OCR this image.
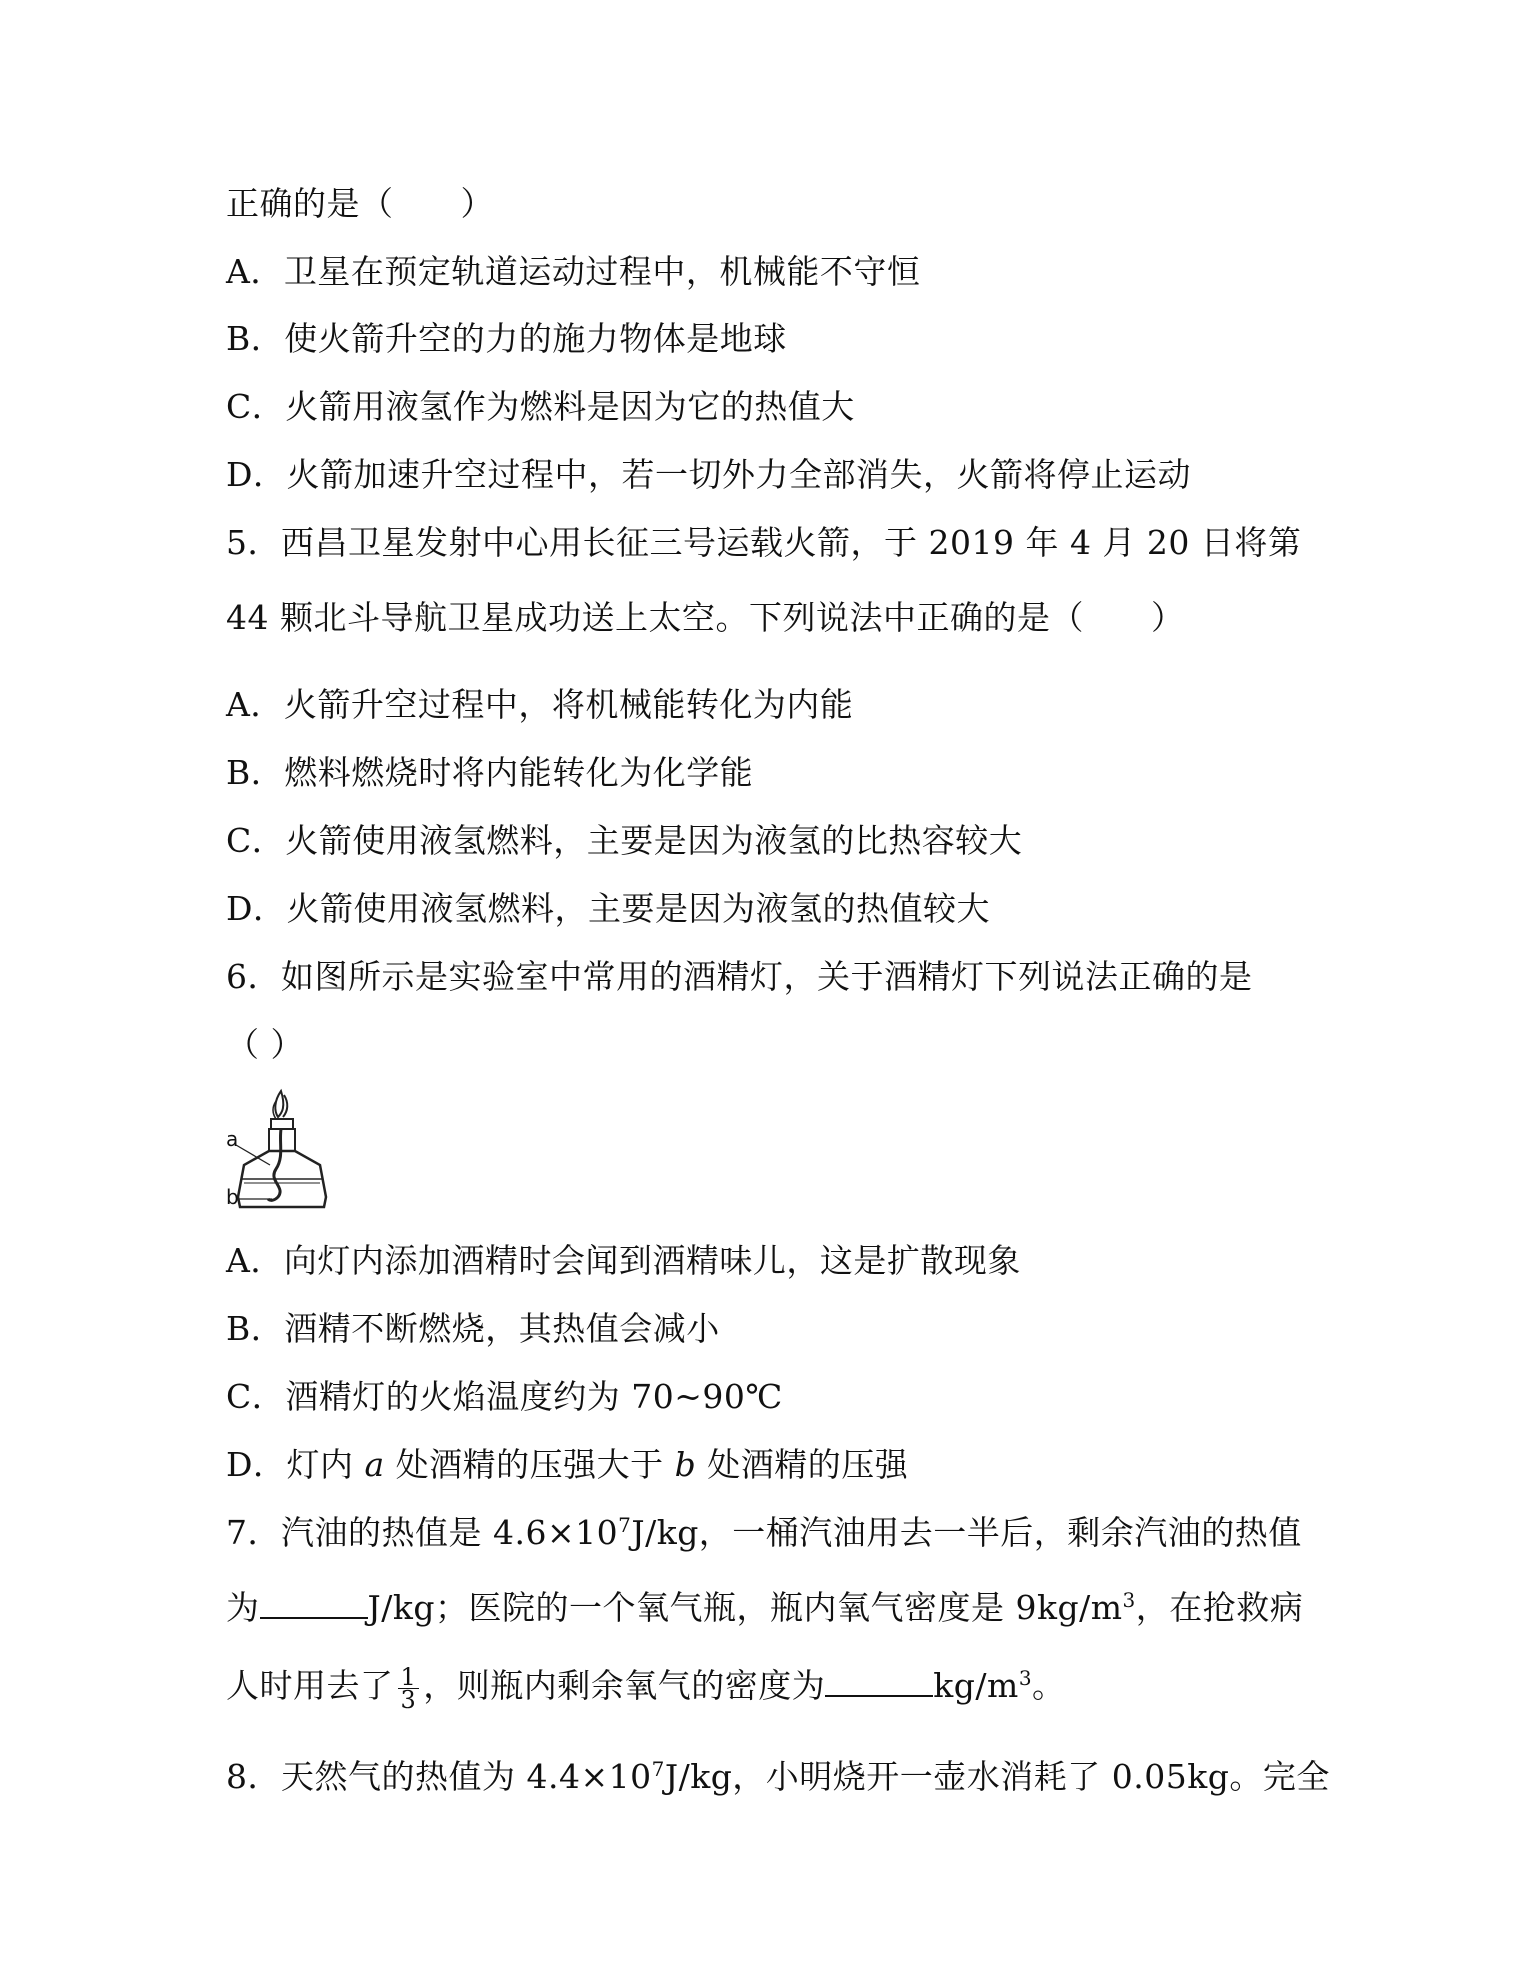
正确的是（　　）
A．卫星在预定轨道运动过程中，机械能不守恒
B．使火箭升空的力的施力物体是地球
C．火箭用液氢作为燃料是因为它的热值大
D．火箭加速升空过程中，若一切外力全部消失，火箭将停止运动
5．西昌卫星发射中心用长征三号运载火箭，于 2019 年 4 月 20 日将第
44 颗北斗导航卫星成功送上太空。下列说法中正确的是（　　）
A．火箭升空过程中，将机械能转化为内能
B．燃料燃烧时将内能转化为化学能
C．火箭使用液氢燃料，主要是因为液氢的比热容较大
D．火箭使用液氢燃料，主要是因为液氢的热值较大
6．如图所示是实验室中常用的酒精灯，关于酒精灯下列说法正确的是
（ ）
a
b
A．向灯内添加酒精时会闻到酒精味儿，这是扩散现象
B．酒精不断燃烧，其热值会减小
C．酒精灯的火焰温度约为 70~90℃
D．灯内 a 处酒精的压强大于 b 处酒精的压强
7．汽油的热值是 $4.6\times 10^7J/kg$，一桶汽油用去一半后，剩余汽油的热值
为	J/kg；医院的一个氧气瓶，瓶内氧气密度是 $9kg/m^3$，在抢救病
人时用去了 $\frac{1}{3}$ ，则瓶内剩余氧气的密度为	$kg/m^3$。
8．天然气的热值为 $4.4\times 10^7J/kg$，小明烧开一壶水消耗了 0.05kg。完全
